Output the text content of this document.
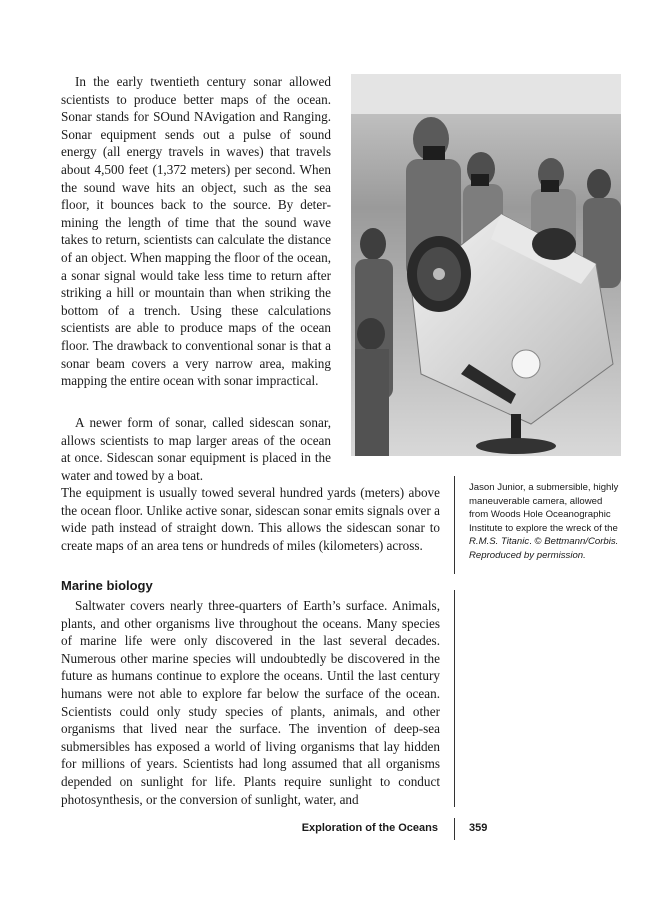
In the early twentieth century sonar allowed scientists to produce better maps of the ocean. Sonar stands for SOund NAvigation and Ranging. Sonar equipment sends out a pulse of sound energy (all energy travels in waves) that travels about 4,500 feet (1,372 meters) per second. When the sound wave hits an object, such as the sea floor, it bounces back to the source. By determining the length of time that the sound wave takes to return, scientists can calculate the distance of an object. When mapping the floor of the ocean, a sonar signal would take less time to return after striking a hill or mountain than when striking the bottom of a trench. Using these calculations scientists are able to produce maps of the ocean floor. The drawback to conventional sonar is that a sonar beam covers a very narrow area, making mapping the entire ocean with sonar impractical.

A newer form of sonar, called sidescan sonar, allows scientists to map larger areas of the ocean at once. Sidescan sonar equipment is placed in the water and towed by a boat.

The equipment is usually towed several hundred yards (meters) above the ocean floor. Unlike active sonar, sidescan sonar emits signals over a wide path instead of straight down. This allows the sidescan sonar to create maps of an area tens or hundreds of miles (kilometers) across.

Jason Junior, a submersible, highly maneuverable camera, allowed from Woods Hole Oceanographic Institute to explore the wreck of the R.M.S. Titanic. © Bettmann/Corbis. Reproduced by permission.

Marine biology

Saltwater covers nearly three-quarters of Earth’s surface. Animals, plants, and other organisms live throughout the oceans. Many species of marine life were only discovered in the last several decades. Numerous other marine species will undoubtedly be discovered in the future as humans continue to explore the oceans. Until the last century humans were not able to explore far below the surface of the ocean. Scientists could only study species of plants, animals, and other organisms that lived near the surface. The invention of deep-sea submersibles has exposed a world of living organisms that lay hidden for millions of years. Scientists had long assumed that all organisms depended on sunlight for life. Plants require sunlight to conduct photosynthesis, or the conversion of sunlight, water, and

Exploration of the Oceans	359
